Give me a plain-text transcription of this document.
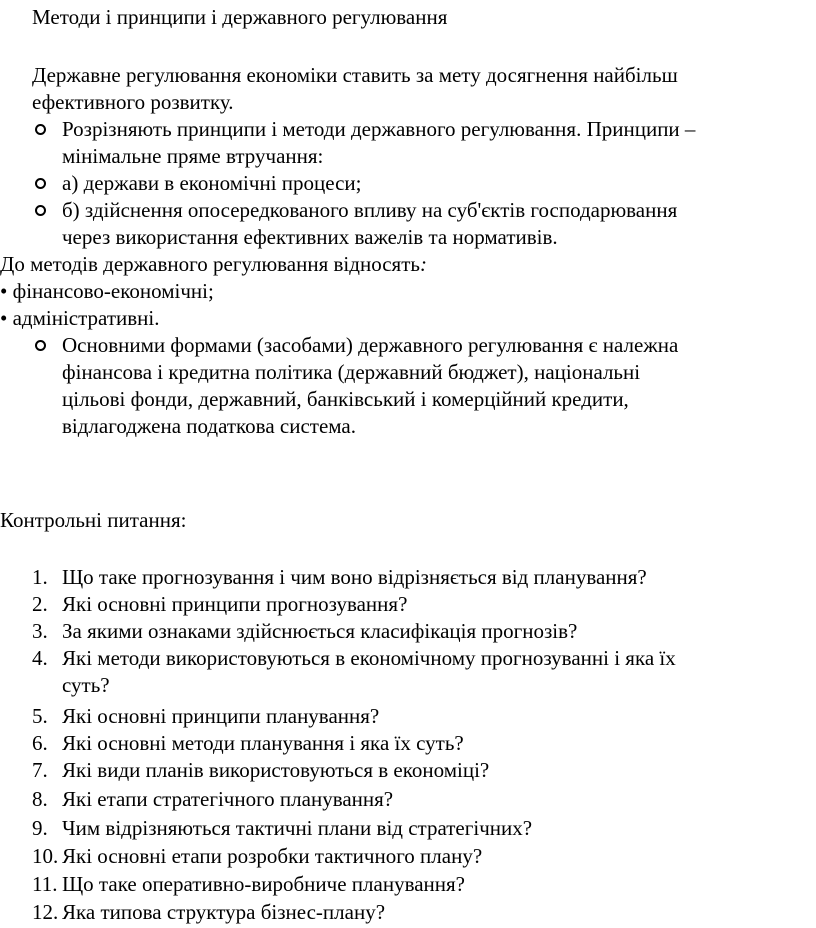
Методи і принципи і державного регулювання
Державне регулювання економіки ставить за мету досягнення найбільш
ефективного розвитку.
Розрізняють принципи і методи державного регулювання. Принципи –
мінімальне пряме втручання:
а) держави в економічні процеси;
б) здійснення опосередкованого впливу на суб'єктів господарювання
через використання ефективних важелів та нормативів.
До методів державного регулювання відносять:
• фінансово-економічні;
• адміністративні.
Основними формами (засобами) державного регулювання є належна
фінансова і кредитна політика (державний бюджет), національні
цільові фонди, державний, банківський і комерційний кредити,
відлагоджена податкова система.
Контрольні питання:
1. Що таке прогнозування і чим воно відрізняється від планування?
2. Які основні принципи прогнозування?
3. За якими ознаками здійснюється класифікація прогнозів?
4. Які методи використовуються в економічному прогнозуванні і яка їх
суть?
5. Які основні принципи планування?
6. Які основні методи планування і яка їх суть?
7. Які види планів використовуються в економіці?
8. Які етапи стратегічного планування?
9. Чим відрізняються тактичні плани від стратегічних?
10. Які основні етапи розробки тактичного плану?
11. Що таке оперативно-виробниче планування?
12. Яка типова структура бізнес-плану?
